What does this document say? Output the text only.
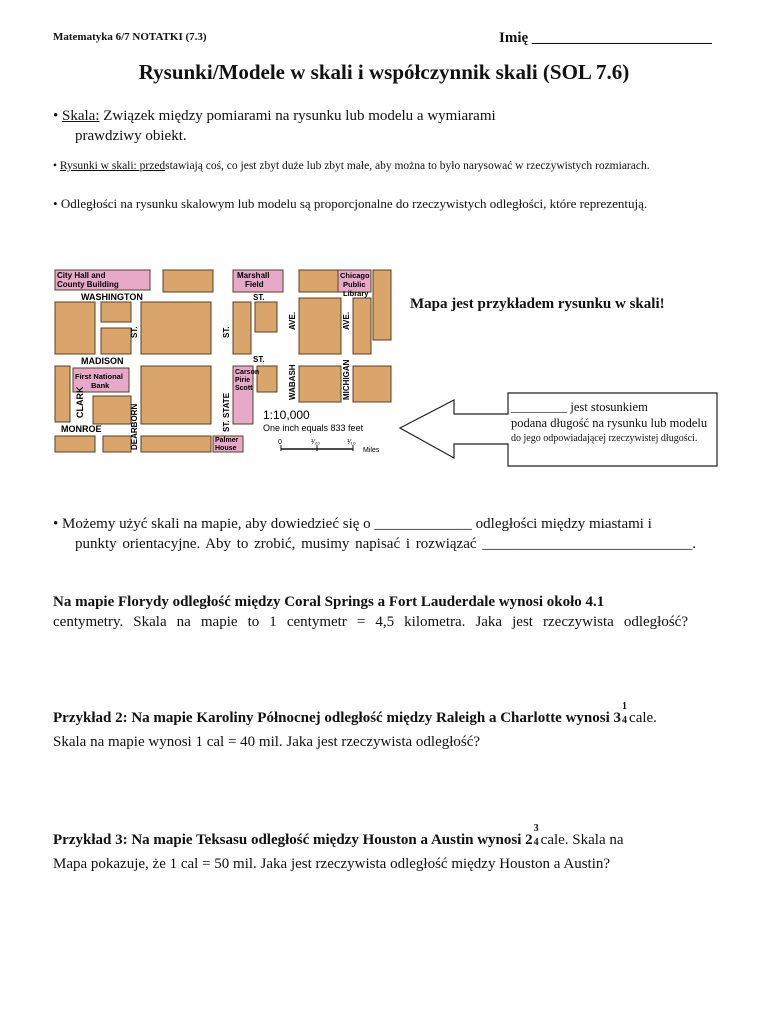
Matematyka 6/7 NOTATKI (7.3)	Imię ________________________
Rysunki/Modele w skali i współczynnik skali (SOL 7.6)
• Skala: Związek między pomiarami na rysunku lub modelu a wymiarami
prawdziwy obiekt.
• Rysunki w skali: przedstawiają coś, co jest zbyt duże lub zbyt małe, aby można to było narysować w rzeczywistych rozmiarach.
• Odległości na rysunku skalowym lub modelu są proporcjonalne do rzeczywistych odległości, które reprezentują.
City Hall and
County Building
Marshall
Field
Chicago
Public
Library
WASHINGTON	ST.
MADISON	ST.
First National
Bank
Carson
Pirie
Scott
MONROE
Palmer
House
CLARK
ST.
DEARBORN
ST.
STATE
ST.
AVE.
WABASH
AVE.
MICHIGAN
1:10,000
One inch equals 833 feet
0	¹⁄₂₀	¹⁄₁₀
Miles
Mapa jest przykładem rysunku w skali!
_________ jest stosunkiem
podana długość na rysunku lub modelu
do jego odpowiadającej rzeczywistej długości.
• Możemy użyć skali na mapie, aby dowiedzieć się o _____________ odległości między miastami i
punkty orientacyjne. Aby to zrobić, musimy napisać i rozwiązać ____________________________.
Na mapie Florydy odległość między Coral Springs a Fort Lauderdale wynosi około 4.1
centymetry. Skala na mapie to 1 centymetr = 4,5 kilometra. Jaka jest rzeczywista odległość?
Przykład 2: Na mapie Karoliny Północnej odległość między Raleigh a Charlotte wynosi 3
1
4 cale.
Skala na mapie wynosi 1 cal = 40 mil. Jaka jest rzeczywista odległość?
Przykład 3: Na mapie Teksasu odległość między Houston a Austin wynosi 2
3
4 cale. Skala na
Mapa pokazuje, że 1 cal = 50 mil. Jaka jest rzeczywista odległość między Houston a Austin?
